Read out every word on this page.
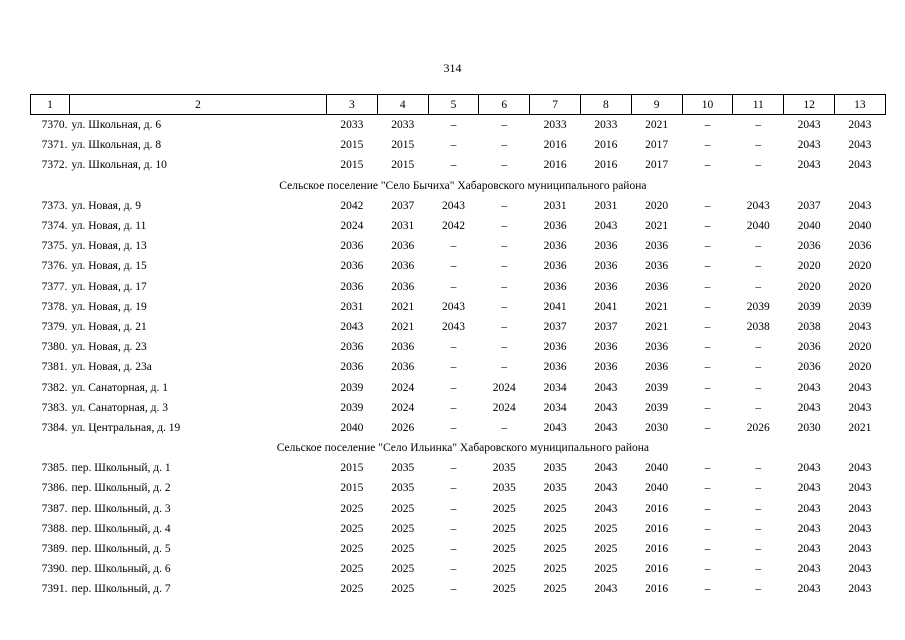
314
1	2	3	4	5	6	7	8	9	10	11	12	13
7370.	ул. Школьная, д. 6	2033	2033	–	–	2033	2033	2021	–	–	2043	2043
7371.	ул. Школьная, д. 8	2015	2015	–	–	2016	2016	2017	–	–	2043	2043
7372.	ул. Школьная, д. 10	2015	2015	–	–	2016	2016	2017	–	–	2043	2043
Сельское поселение "Село Бычиха" Хабаровского муниципального района												
7373.	ул. Новая, д. 9	2042	2037	2043	–	2031	2031	2020	–	2043	2037	2043
7374.	ул. Новая, д. 11	2024	2031	2042	–	2036	2043	2021	–	2040	2040	2040
7375.	ул. Новая, д. 13	2036	2036	–	–	2036	2036	2036	–	–	2036	2036
7376.	ул. Новая, д. 15	2036	2036	–	–	2036	2036	2036	–	–	2020	2020
7377.	ул. Новая, д. 17	2036	2036	–	–	2036	2036	2036	–	–	2020	2020
7378.	ул. Новая, д. 19	2031	2021	2043	–	2041	2041	2021	–	2039	2039	2039
7379.	ул. Новая, д. 21	2043	2021	2043	–	2037	2037	2021	–	2038	2038	2043
7380.	ул. Новая, д. 23	2036	2036	–	–	2036	2036	2036	–	–	2036	2020
7381.	ул. Новая, д. 23а	2036	2036	–	–	2036	2036	2036	–	–	2036	2020
7382.	ул. Санаторная, д. 1	2039	2024	–	2024	2034	2043	2039	–	–	2043	2043
7383.	ул. Санаторная, д. 3	2039	2024	–	2024	2034	2043	2039	–	–	2043	2043
7384.	ул. Центральная, д. 19	2040	2026	–	–	2043	2043	2030	–	2026	2030	2021
Сельское поселение "Село Ильинка" Хабаровского муниципального района												
7385.	пер. Школьный, д. 1	2015	2035	–	2035	2035	2043	2040	–	–	2043	2043
7386.	пер. Школьный, д. 2	2015	2035	–	2035	2035	2043	2040	–	–	2043	2043
7387.	пер. Школьный, д. 3	2025	2025	–	2025	2025	2043	2016	–	–	2043	2043
7388.	пер. Школьный, д. 4	2025	2025	–	2025	2025	2025	2016	–	–	2043	2043
7389.	пер. Школьный, д. 5	2025	2025	–	2025	2025	2025	2016	–	–	2043	2043
7390.	пер. Школьный, д. 6	2025	2025	–	2025	2025	2025	2016	–	–	2043	2043
7391.	пер. Школьный, д. 7	2025	2025	–	2025	2025	2043	2016	–	–	2043	2043
